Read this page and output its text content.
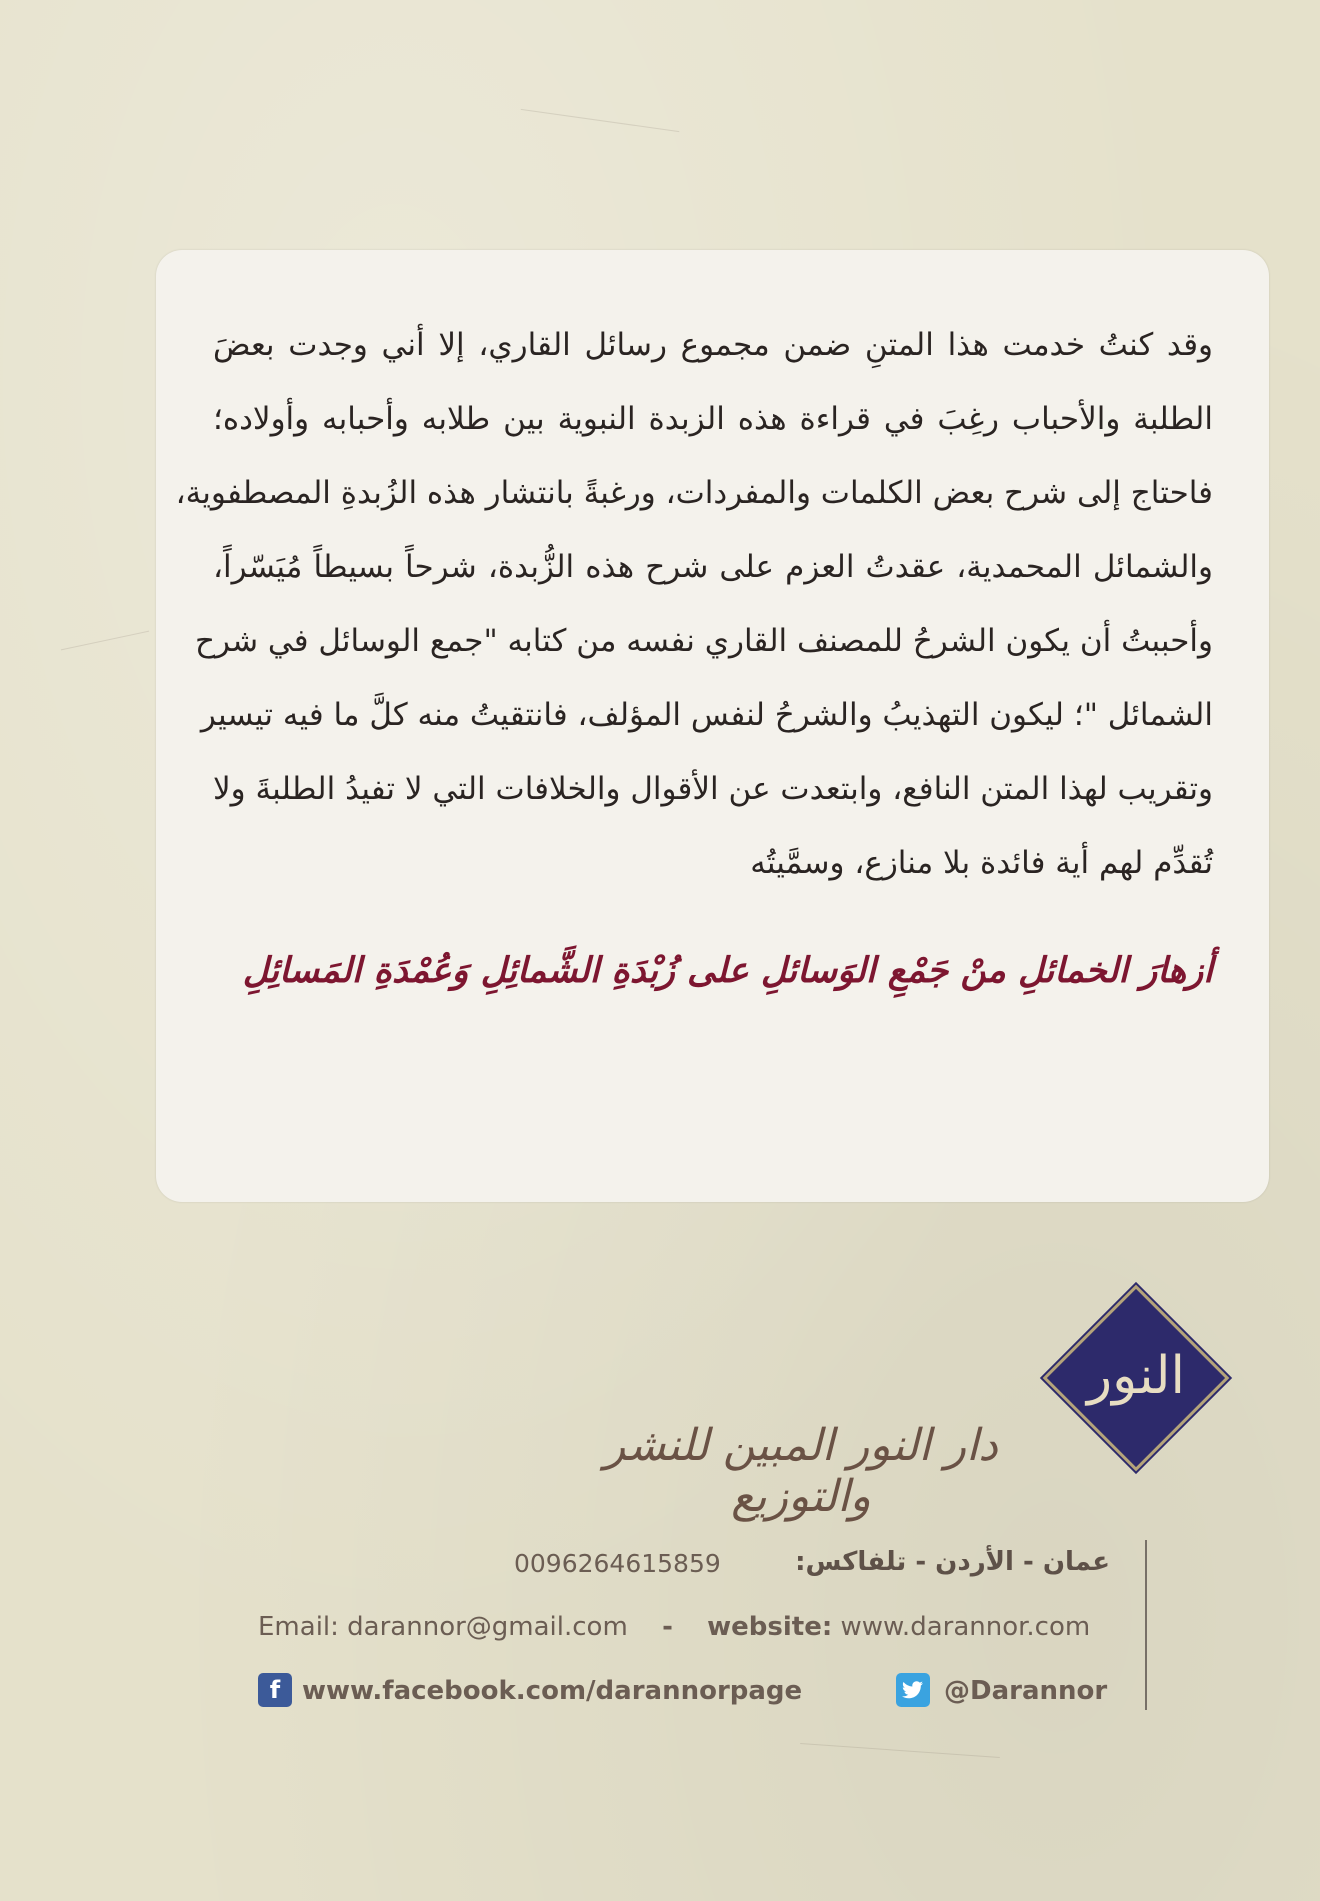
وقد كنتُ خدمت هذا المتنِ ضمن مجموع رسائل القاري، إلا أني وجدت بعضَ
الطلبة والأحباب رغِبَ في قراءة هذه الزبدة النبوية بين طلابه وأحبابه وأولاده؛
فاحتاج إلى شرح بعض الكلمات والمفردات، ورغبةً بانتشار هذه الزُبدةِ المصطفوية،
والشمائل المحمدية، عقدتُ العزم على شرح هذه الزُّبدة، شرحاً بسيطاً مُيَسّراً،
وأحببتُ أن يكون الشرحُ للمصنف القاري نفسه من كتابه "جمع الوسائل في شرح
الشمائل "؛ ليكون التهذيبُ والشرحُ لنفس المؤلف، فانتقيتُ منه كلَّ ما فيه تيسير
وتقريب لهذا المتن النافع، وابتعدت عن الأقوال والخلافات التي لا تفيدُ الطلبةَ ولا
تُقدِّم لهم أية فائدة بلا منازع، وسمَّيتُه

أزهارَ الخمائلِ منْ جَمْعِ الوَسائلِ على زُبْدَةِ الشَّمائِلِ وَعُمْدَةِ المَسائِلِ
النور
دار النور المبين للنشر والتوزيع
عمان - الأردن - تلفاكس:
0096264615859
Email: darannor@gmail.com - website: www.darannor.com
f www.facebook.com/darannorpage	@Darannor
